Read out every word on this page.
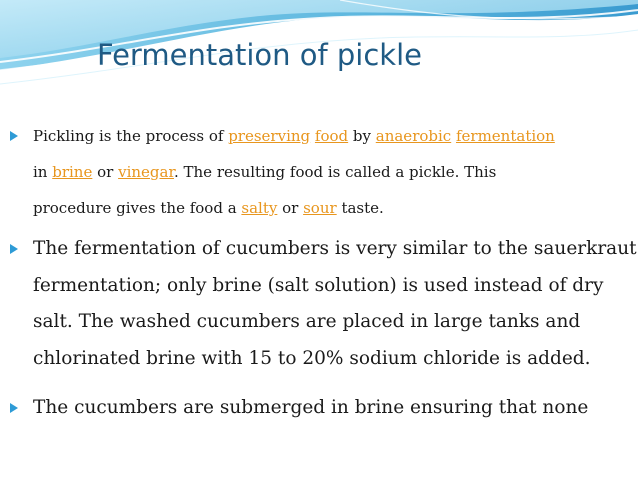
Fermentation of pickle
Pickling is the process of preserving food by anaerobic fermentation
in brine or vinegar. The resulting food is called a pickle. This
procedure gives the food a salty or sour taste.
The fermentation of cucumbers is very similar to the sauerkraut
fermentation; only brine (salt solution) is used instead of dry
salt. The washed cucumbers are placed in large tanks and
chlorinated brine with 15 to 20% sodium chloride is added.
The cucumbers are submerged in brine ensuring that none
